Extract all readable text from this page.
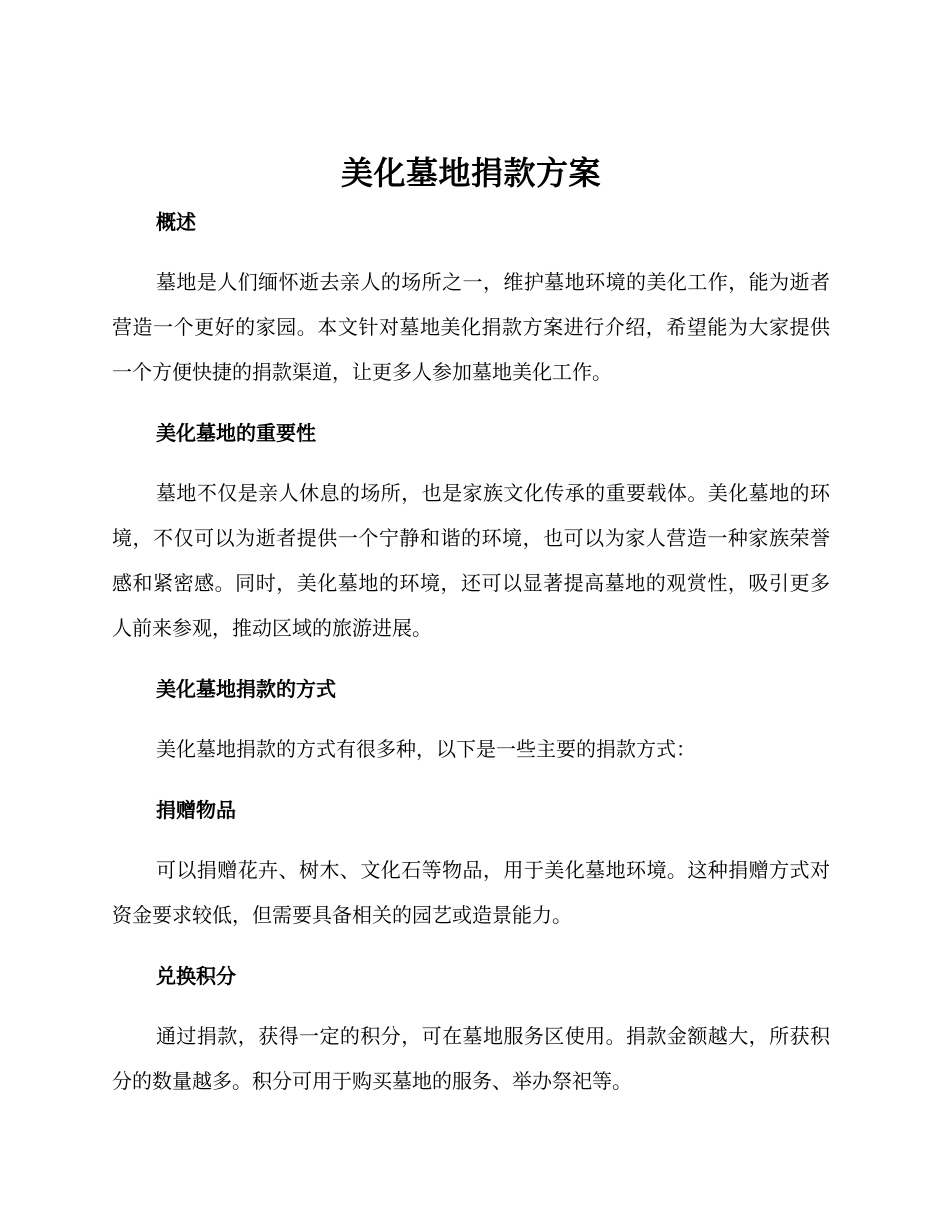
美化墓地捐款方案
概述

墓地是人们缅怀逝去亲人的场所之一，维护墓地环境的美化工作，能为逝者营造一个更好的家园。本文针对墓地美化捐款方案进行介绍，希望能为大家提供一个方便快捷的捐款渠道，让更多人参加墓地美化工作。

美化墓地的重要性

墓地不仅是亲人休息的场所，也是家族文化传承的重要载体。美化墓地的环境，不仅可以为逝者提供一个宁静和谐的环境，也可以为家人营造一种家族荣誉感和紧密感。同时，美化墓地的环境，还可以显著提高墓地的观赏性，吸引更多人前来参观，推动区域的旅游进展。

美化墓地捐款的方式

美化墓地捐款的方式有很多种，以下是一些主要的捐款方式：

捐赠物品

可以捐赠花卉、树木、文化石等物品，用于美化墓地环境。这种捐赠方式对资金要求较低，但需要具备相关的园艺或造景能力。

兑换积分

通过捐款，获得一定的积分，可在墓地服务区使用。捐款金额越大，所获积分的数量越多。积分可用于购买墓地的服务、举办祭祀等。
